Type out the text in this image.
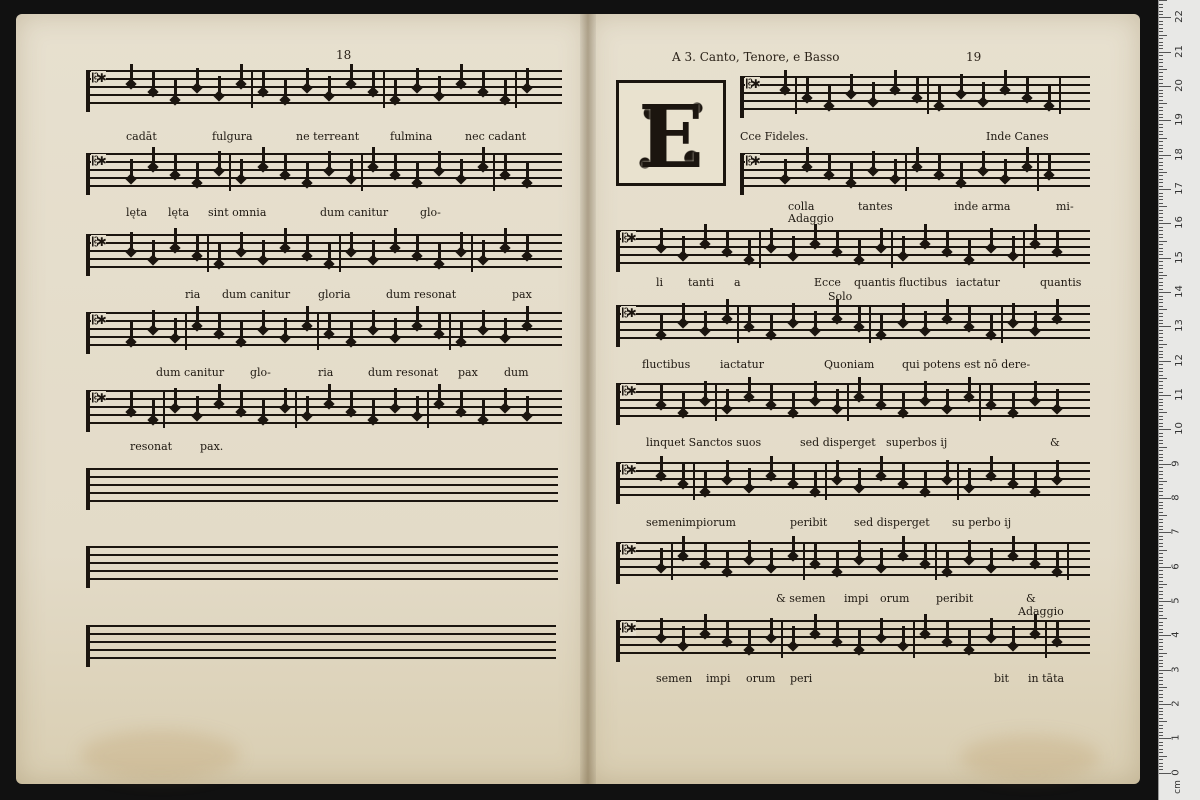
18	19
A 3. Canto, Tenore, e Basso
E
𝄡✱
𝄡✱
𝄡✱
𝄡✱
𝄡✱
𝄡✱
𝄡✱
𝄡✱
𝄡✱
𝄡✱
𝄡✱
𝄡✱
𝄡✱
cadāt	fulgura	ne terreant	fulmina	nec cadant
lęta lęta sint omnia	dum canitur	glo-
ria dum canitur	gloria	dum resonat	pax
dum canitur glo-	ria	dum resonat pax dum
resonat	pax.
Cce Fideles.	Inde Canes
Adaggio
colla	tantes	inde arma	mi-
Solo
li tanti a	Ecce quantis fluctibus iactatur	quantis
fluctibus	iactatur	Quoniam	qui potens est nō dere-
linquet Sanctos suos	sed disperget superbos ij	&
semen impiorum	peribit sed disperget su perbo ij
& semen impi orum peribit	&
Adaggio
semen impi orum peri	bit in tāta
0
1
2
3
4
5
6
7
8
9
10
11
12
13
14
15
16
17
18
19
20
21
22
cm
